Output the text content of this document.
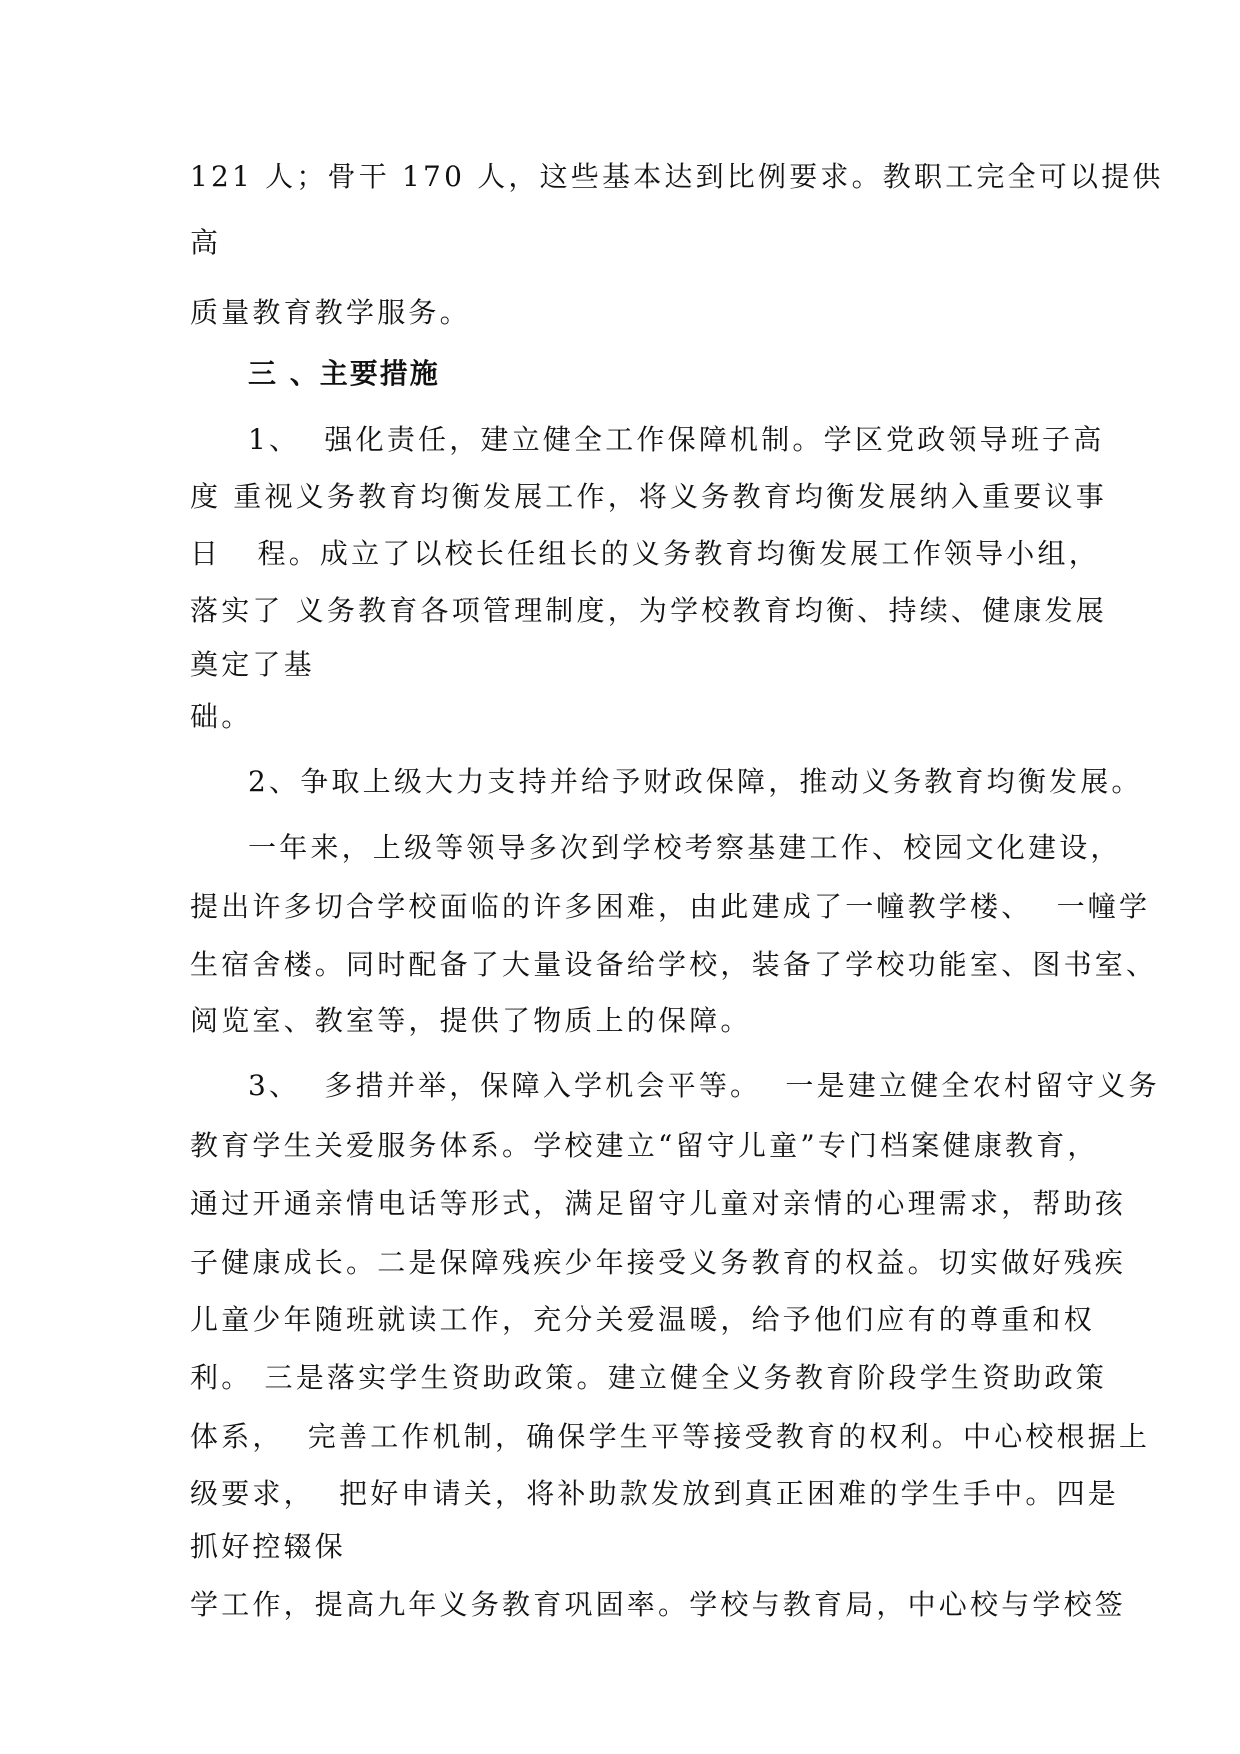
121 人；骨干 170 人，这些基本达到比例要求。教职工完全可以提供
高
质量教育教学服务。
三 、主要措施
1、  强化责任，建立健全工作保障机制。学区党政领导班子高
度 重视义务教育均衡发展工作，将义务教育均衡发展纳入重要议事
日   程。成立了以校长任组长的义务教育均衡发展工作领导小组，
落实了 义务教育各项管理制度，为学校教育均衡、持续、健康发展
奠定了基
础。
2、争取上级大力支持并给予财政保障，推动义务教育均衡发展。
一年来，上级等领导多次到学校考察基建工作、校园文化建设，
提出许多切合学校面临的许多困难，由此建成了一幢教学楼、  一幢学
生宿舍楼。同时配备了大量设备给学校，装备了学校功能室、图书室、
阅览室、教室等，提供了物质上的保障。
3、  多措并举，保障入学机会平等。  一是建立健全农村留守义务
教育学生关爱服务体系。学校建立“留守儿童”专门档案健康教育，
通过开通亲情电话等形式，满足留守儿童对亲情的心理需求，帮助孩
子健康成长。二是保障残疾少年接受义务教育的权益。切实做好残疾
儿童少年随班就读工作，充分关爱温暖，给予他们应有的尊重和权
利。 三是落实学生资助政策。建立健全义务教育阶段学生资助政策
体系，  完善工作机制，确保学生平等接受教育的权利。中心校根据上
级要求，  把好申请关，将补助款发放到真正困难的学生手中。四是
抓好控辍保
学工作，提高九年义务教育巩固率。学校与教育局，中心校与学校签
